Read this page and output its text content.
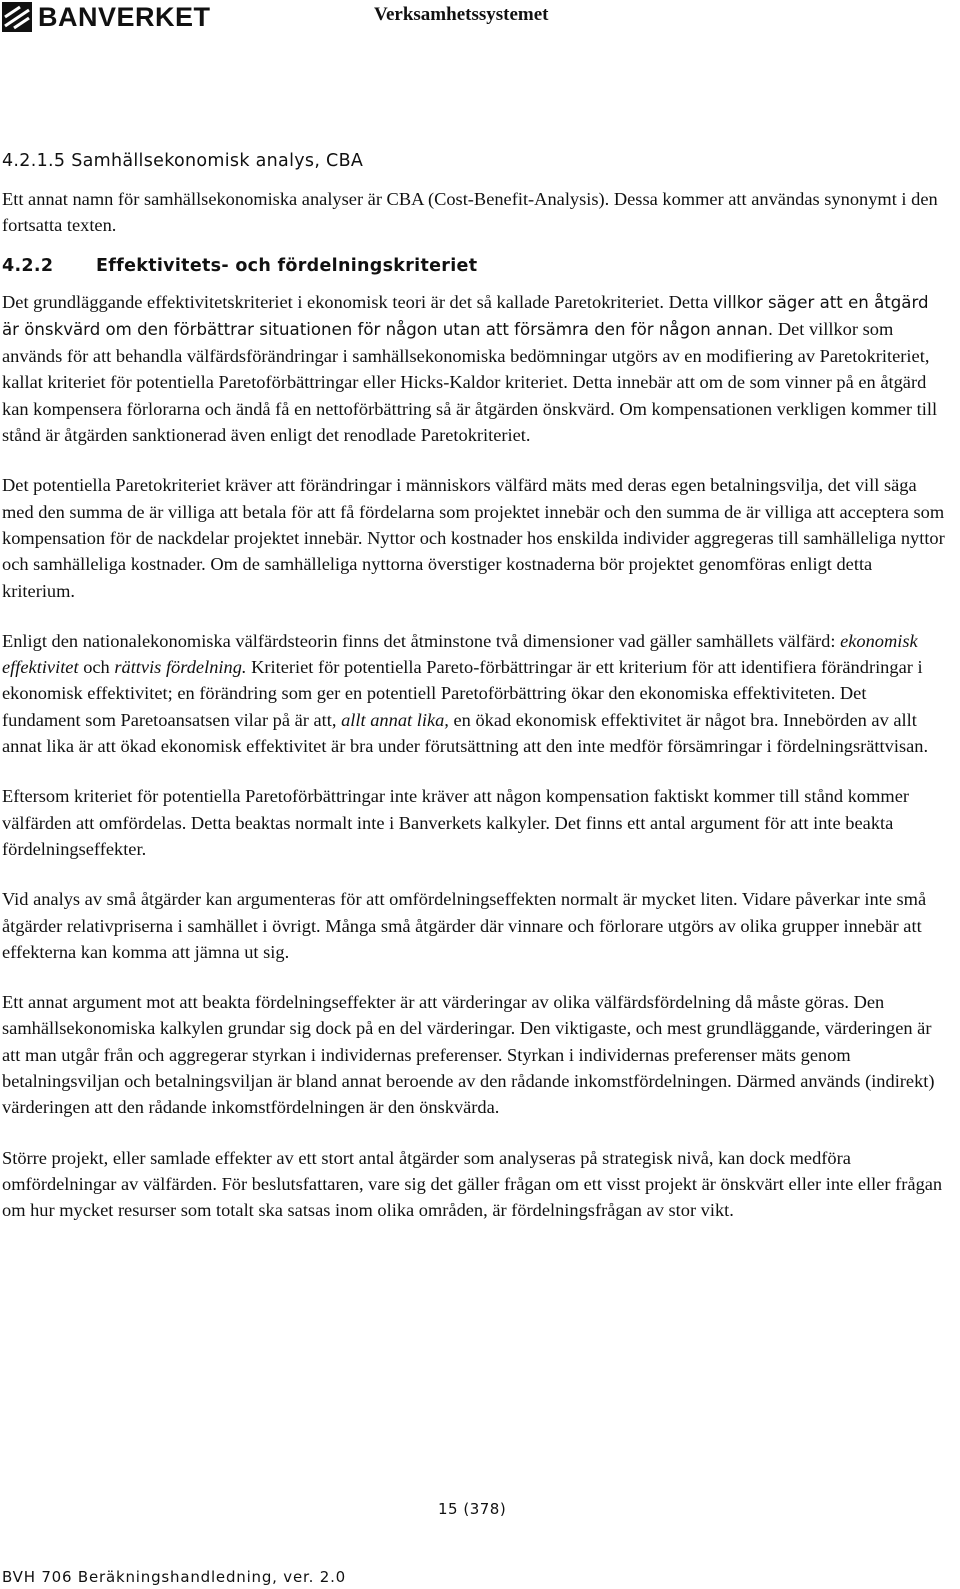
BANVERKET	Verksamhetssystemet

4.2.1.5 Samhällsekonomisk analys, CBA

Ett annat namn för samhällsekonomiska analyser är CBA (Cost-Benefit-Analysis). Dessa kommer att användas synonymt i den fortsatta texten.

4.2.2 Effektivitets- och fördelningskriteriet

Det grundläggande effektivitetskriteriet i ekonomisk teori är det så kallade Paretokriteriet. Detta villkor säger att en åtgärd är önskvärd om den förbättrar situationen för någon utan att försämra den för någon annan. Det villkor som används för att behandla välfärdsförändringar i samhällsekonomiska bedömningar utgörs av en modifiering av Paretokriteriet, kallat kriteriet för potentiella Paretoförbättringar eller Hicks-Kaldor kriteriet. Detta innebär att om de som vinner på en åtgärd kan kompensera förlorarna och ändå få en nettoförbättring så är åtgärden önskvärd. Om kompensationen verkligen kommer till stånd är åtgärden sanktionerad även enligt det renodlade Paretokriteriet.

Det potentiella Paretokriteriet kräver att förändringar i människors välfärd mäts med deras egen betalningsvilja, det vill säga med den summa de är villiga att betala för att få fördelarna som projektet innebär och den summa de är villiga att acceptera som kompensation för de nackdelar projektet innebär. Nyttor och kostnader hos enskilda individer aggregeras till samhälleliga nyttor och samhälleliga kostnader. Om de samhälleliga nyttorna överstiger kostnaderna bör projektet genomföras enligt detta kriterium.

Enligt den nationalekonomiska välfärdsteorin finns det åtminstone två dimensioner vad gäller samhällets välfärd: ekonomisk effektivitet och rättvis fördelning. Kriteriet för potentiella Pareto-förbättringar är ett kriterium för att identifiera förändringar i ekonomisk effektivitet; en förändring som ger en potentiell Paretoförbättring ökar den ekonomiska effektiviteten. Det fundament som Paretoansatsen vilar på är att, allt annat lika, en ökad ekonomisk effektivitet är något bra. Innebörden av allt annat lika är att ökad ekonomisk effektivitet är bra under förutsättning att den inte medför försämringar i fördelningsrättvisan.

Eftersom kriteriet för potentiella Paretoförbättringar inte kräver att någon kompensation faktiskt kommer till stånd kommer välfärden att omfördelas. Detta beaktas normalt inte i Banverkets kalkyler. Det finns ett antal argument för att inte beakta fördelningseffekter.

Vid analys av små åtgärder kan argumenteras för att omfördelningseffekten normalt är mycket liten. Vidare påverkar inte små åtgärder relativpriserna i samhället i övrigt. Många små åtgärder där vinnare och förlorare utgörs av olika grupper innebär att effekterna kan komma att jämna ut sig.

Ett annat argument mot att beakta fördelningseffekter är att värderingar av olika välfärdsfördelning då måste göras. Den samhällsekonomiska kalkylen grundar sig dock på en del värderingar. Den viktigaste, och mest grundläggande, värderingen är att man utgår från och aggregerar styrkan i individernas preferenser. Styrkan i individernas preferenser mäts genom betalningsviljan och betalningsviljan är bland annat beroende av den rådande inkomstfördelningen. Därmed används (indirekt) värderingen att den rådande inkomstfördelningen är den önskvärda.

Större projekt, eller samlade effekter av ett stort antal åtgärder som analyseras på strategisk nivå, kan dock medföra omfördelningar av välfärden. För beslutsfattaren, vare sig det gäller frågan om ett visst projekt är önskvärt eller inte eller frågan om hur mycket resurser som totalt ska satsas inom olika områden, är fördelningsfrågan av stor vikt.

15 (378)
BVH 706 Beräkningshandledning, ver. 2.0
